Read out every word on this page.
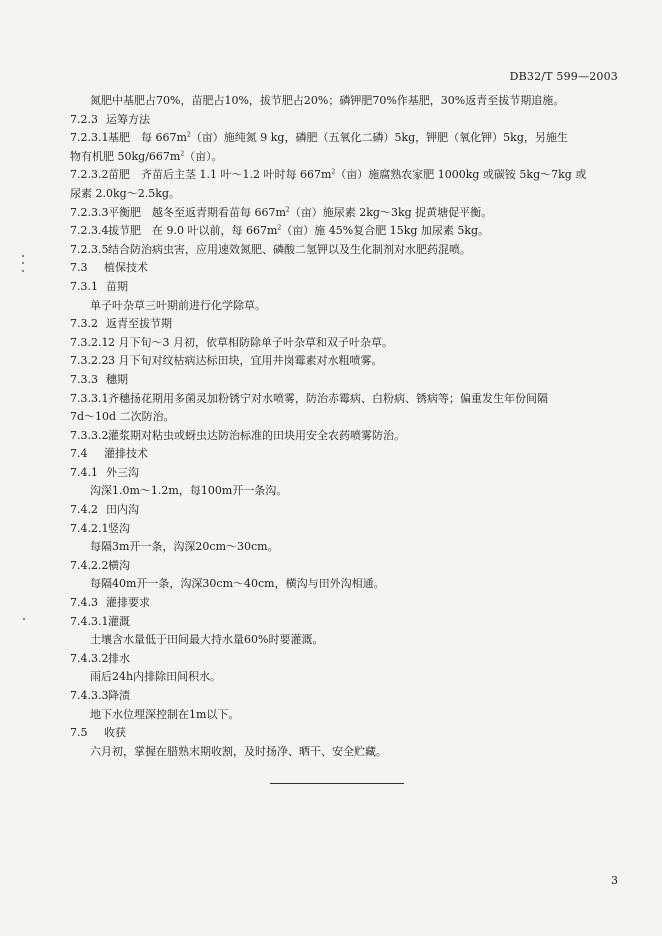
DB32/T 599—2003
氮肥中基肥占70%，苗肥占10%，拔节肥占20%；磷钾肥70%作基肥，30%返青至拔节期追施。
7.2.3 运筹方法
7.2.3.1基肥　每 $667m^2$（亩）施纯氮 9 kg，磷肥（五氧化二磷）5kg，钾肥（氧化钾）5kg，另施生
物有机肥 $50kg/667m^2$（亩）。
7.2.3.2苗肥　齐苗后主茎 1.1 叶～1.2 叶时每 $667m^2$（亩）施腐熟农家肥 1000kg 或碳铵 5kg～7kg 或
尿素 2.0kg～2.5kg。
7.2.3.3平衡肥　越冬至返青期看苗每 $667m^2$（亩）施尿素 2kg～3kg 捉黄塘促平衡。
7.2.3.4拔节肥　在 9.0 叶以前，每 $667m^2$（亩）施 45%复合肥 15kg 加尿素 5kg。
7.2.3.5结合防治病虫害，应用速效氮肥、磷酸二氢钾以及生化制剂对水肥药混喷。
7.3 植保技术
7.3.1 苗期
单子叶杂草三叶期前进行化学除草。
7.3.2 返青至拔节期
7.3.2.12 月下旬～3 月初，依草相防除单子叶杂草和双子叶杂草。
7.3.2.23 月下旬对纹枯病达标田块，宜用井岗霉素对水粗喷雾。
7.3.3 穗期
7.3.3.1齐穗扬花期用多菌灵加粉锈宁对水喷雾，防治赤霉病、白粉病、锈病等；偏重发生年份间隔
7d～10d 二次防治。
7.3.3.2灌浆期对粘虫或蚜虫达防治标准的田块用安全农药喷雾防治。
7.4 灌排技术
7.4.1 外三沟
沟深1.0m～1.2m，每100m开一条沟。
7.4.2 田内沟
7.4.2.1竖沟
每隔3m开一条，沟深20cm～30cm。
7.4.2.2横沟
每隔40m开一条，沟深30cm～40cm，横沟与田外沟相通。
7.4.3 灌排要求
7.4.3.1灌溉
土壤含水量低于田间最大持水量60%时要灌溉。
7.4.3.2排水
雨后24h内排除田间积水。
7.4.3.3降渍
地下水位埋深控制在1m以下。
7.5 收获
六月初，掌握在腊熟末期收割，及时扬净、晒干、安全贮藏。
3
